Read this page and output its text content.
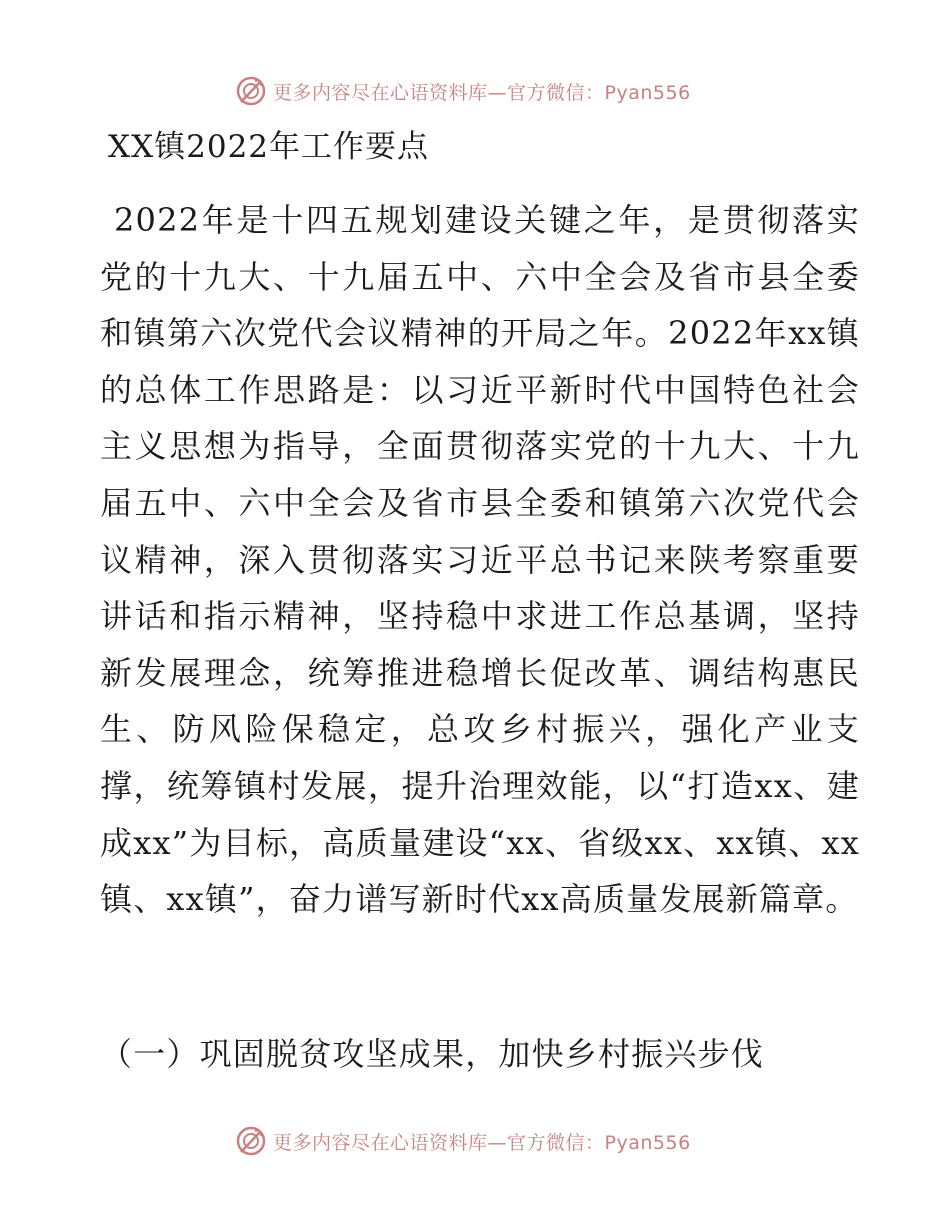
更多内容尽在心语资料库—官方微信：Pyan556
XX镇2022年工作要点

2022年是十四五规划建设关键之年，是贯彻落实党的十九大、十九届五中、六中全会及省市县全委和镇第六次党代会议精神的开局之年。2022年xx镇的总体工作思路是：以习近平新时代中国特色社会主义思想为指导，全面贯彻落实党的十九大、十九届五中、六中全会及省市县全委和镇第六次党代会议精神，深入贯彻落实习近平总书记来陕考察重要讲话和指示精神，坚持稳中求进工作总基调，坚持新发展理念，统筹推进稳增长促改革、调结构惠民生、防风险保稳定，总攻乡村振兴，强化产业支撑，统筹镇村发展，提升治理效能，以“打造xx、建成xx”为目标，高质量建设“xx、省级xx、xx镇、xx镇、xx镇”，奋力谱写新时代xx高质量发展新篇章。

（一）巩固脱贫攻坚成果，加快乡村振兴步伐
更多内容尽在心语资料库—官方微信：Pyan556
